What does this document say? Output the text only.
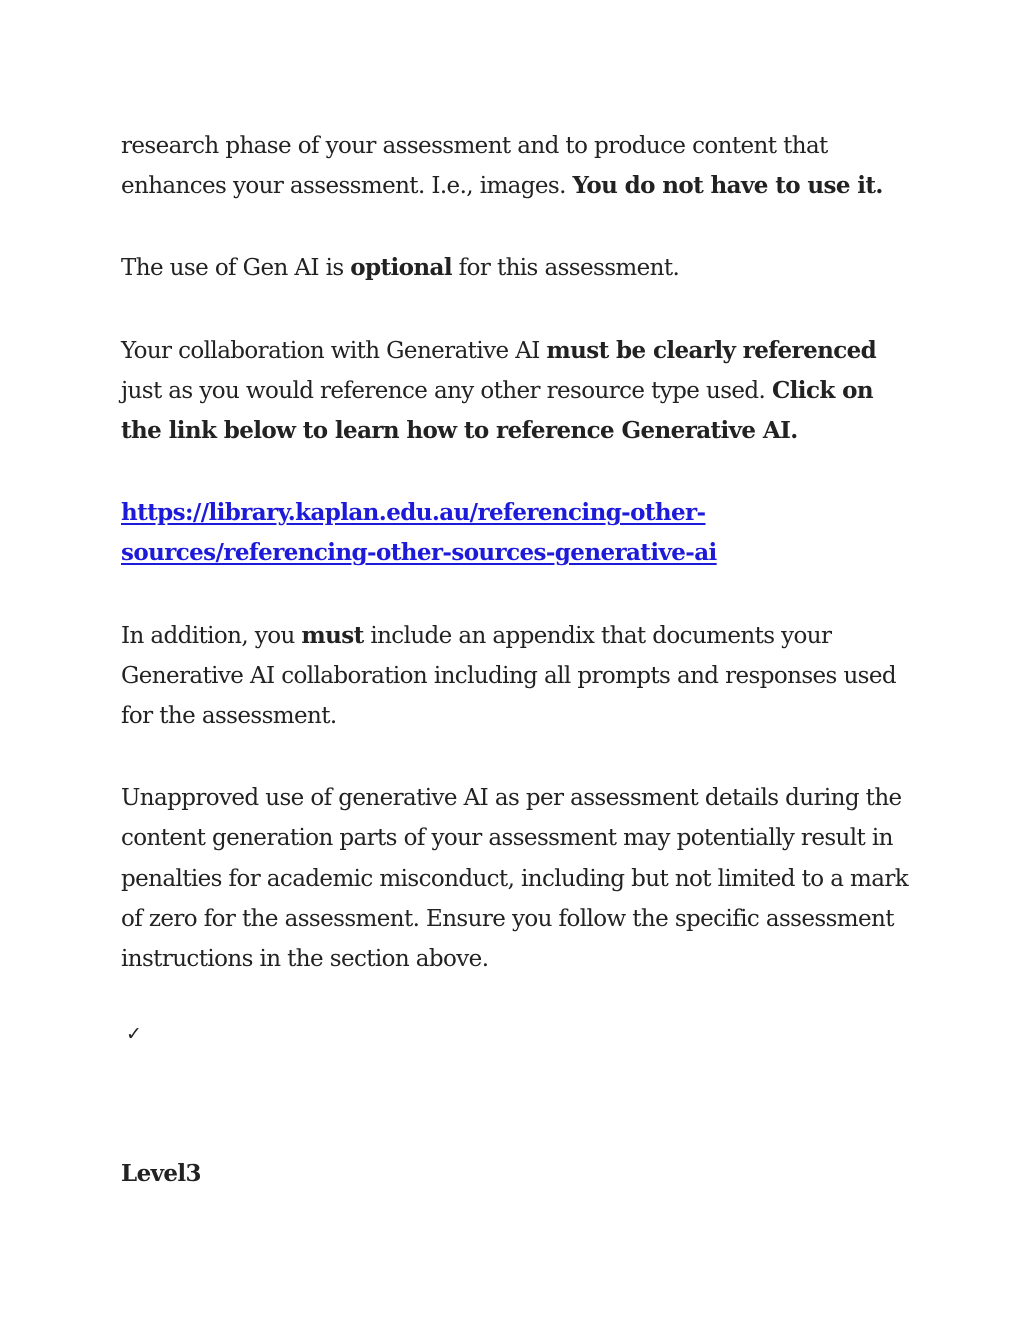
research phase of your assessment and to produce content that enhances your assessment. I.e., images. You do not have to use it.

The use of Gen AI is optional for this assessment.

Your collaboration with Generative AI must be clearly referenced just as you would reference any other resource type used. Click on the link below to learn how to reference Generative AI.

https://library.kaplan.edu.au/referencing-other-
sources/referencing-other-sources-generative-ai

In addition, you must include an appendix that documents your Generative AI collaboration including all prompts and responses used for the assessment.

Unapproved use of generative AI as per assessment details during the content generation parts of your assessment may potentially result in penalties for academic misconduct, including but not limited to a mark of zero for the assessment. Ensure you follow the specific assessment instructions in the section above.

✓
Level3
